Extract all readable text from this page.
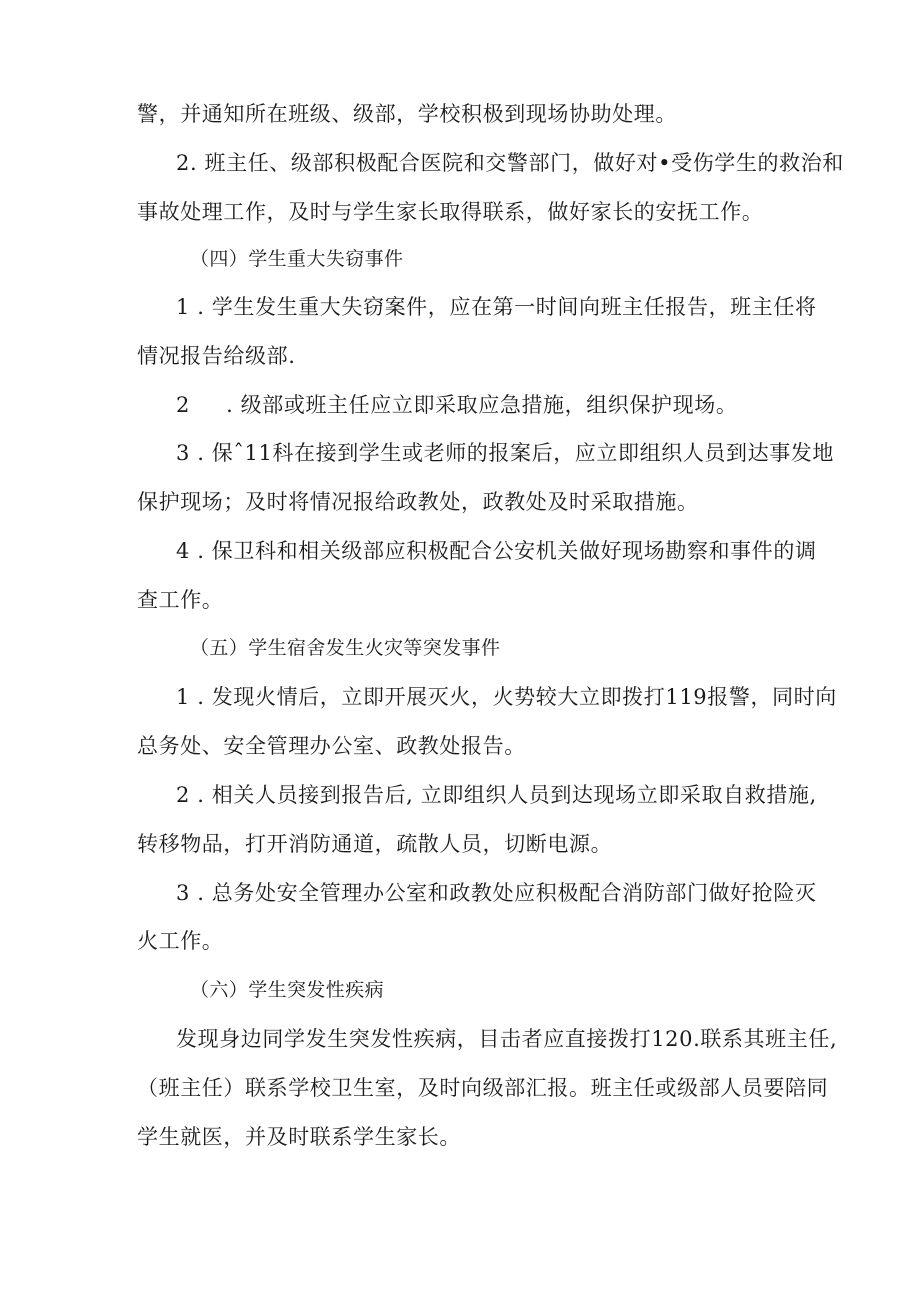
警，并通知所在班级、级部，学校积极到现场协助处理。
2. 班主任、级部积极配合医院和交警部门，做好对•受伤学生的救治和
事故处理工作，及时与学生家长取得联系，做好家长的安抚工作。
（四）学生重大失窃事件
1 . 学生发生重大失窃案件，应在第一时间向班主任报告，班主任将
情况报告给级部.
2 　 . 级部或班主任应立即采取应急措施，组织保护现场。
3 . 保ˆ11科在接到学生或老师的报案后，应立即组织人员到达事发地
保护现场；及时将情况报给政教处，政教处及时采取措施。
4 . 保卫科和相关级部应积极配合公安机关做好现场勘察和事件的调
查工作。
（五）学生宿舍发生火灾等突发事件
1 . 发现火情后，立即开展灭火，火势较大立即拨打119报警，同时向
总务处、安全管理办公室、政教处报告。
2 . 相关人员接到报告后, 立即组织人员到达现场立即采取自救措施,
转移物品，打开消防通道，疏散人员，切断电源。
3 . 总务处安全管理办公室和政教处应积极配合消防部门做好抢险灭
火工作。
（六）学生突发性疾病
发现身边同学发生突发性疾病，目击者应直接拨打120.联系其班主任,
（班主任）联系学校卫生室，及时向级部汇报。班主任或级部人员要陪同
学生就医，并及时联系学生家长。
